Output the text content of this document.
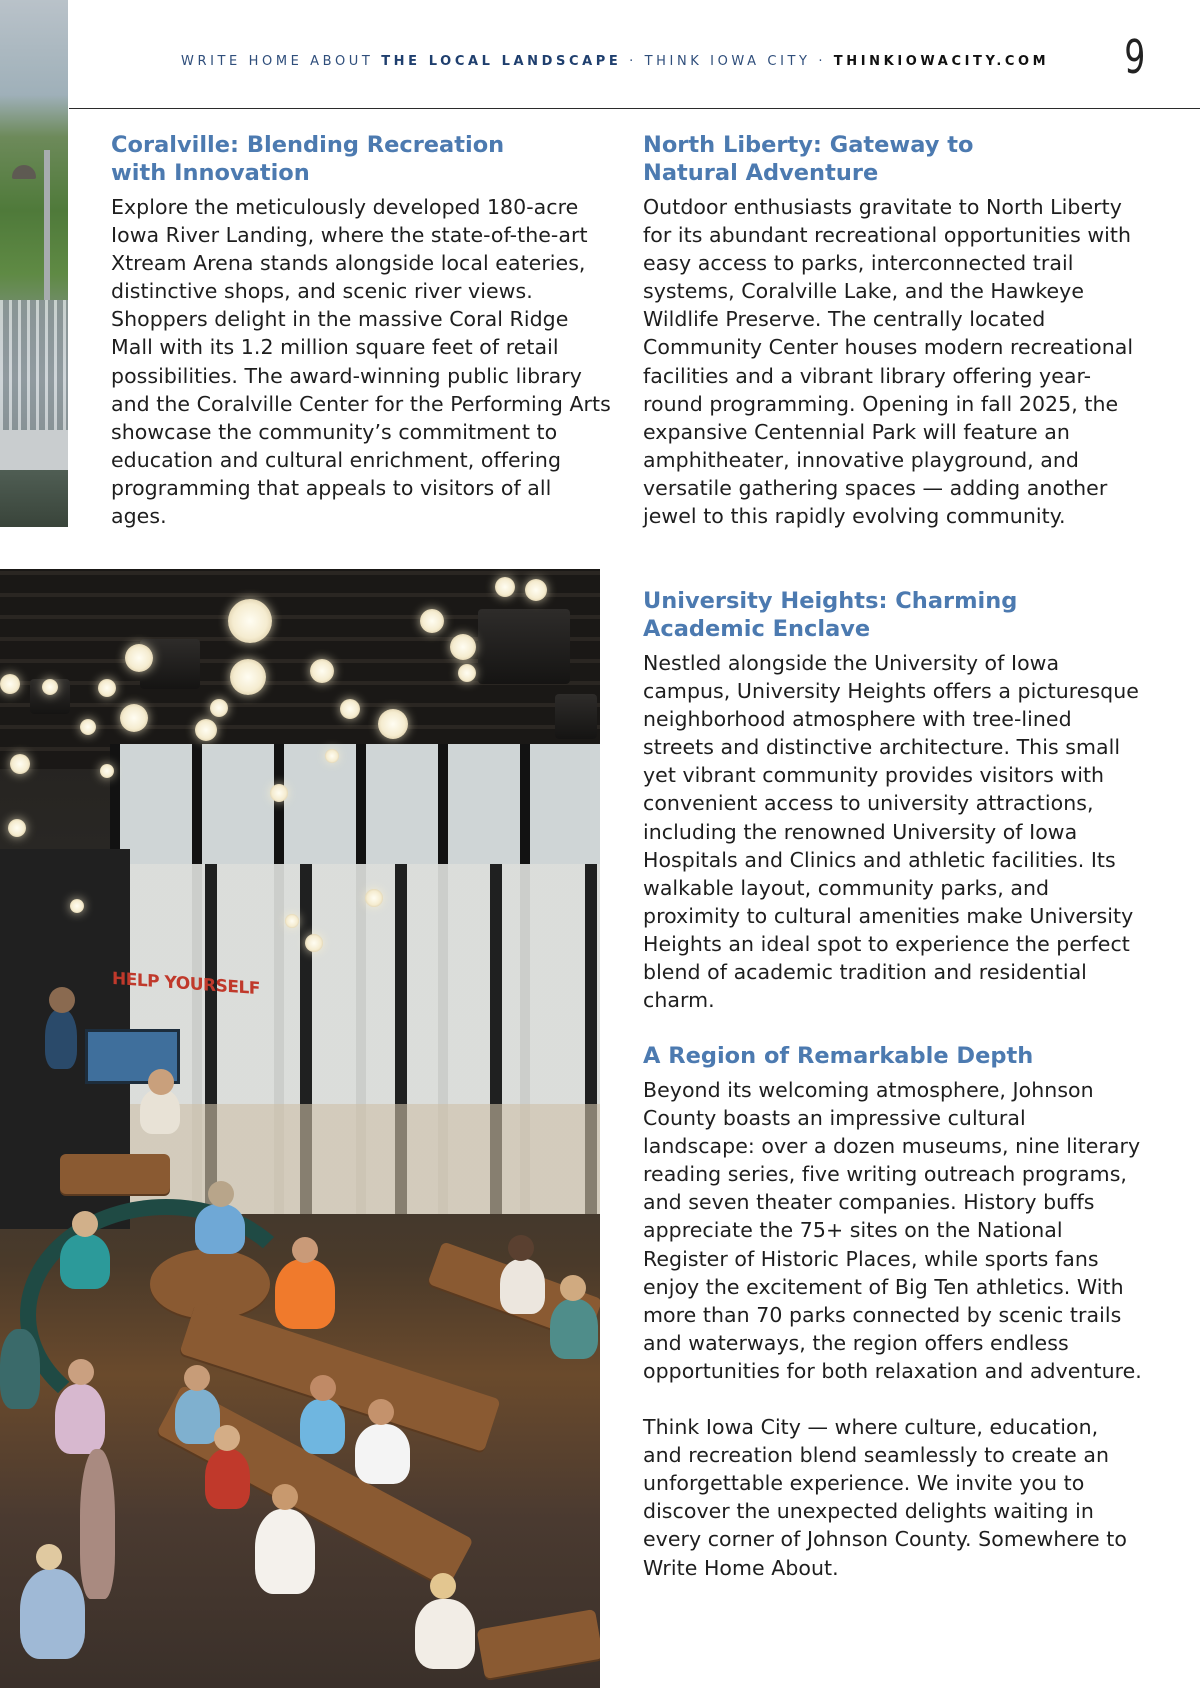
WRITE HOME ABOUT THE LOCAL LANDSCAPE · THINK IOWA CITY · THINKIOWACITY.COM 9
Coralville: Blending Recreation
with Innovation

Explore the meticulously developed 180-acre Iowa River Landing, where the state-of-the-art Xtream Arena stands alongside local eateries, distinctive shops, and scenic river views. Shoppers delight in the massive Coral Ridge Mall with its 1.2 million square feet of retail possibilities. The award-winning public library and the Coralville Center for the Performing Arts showcase the community’s commitment to education and cultural enrichment, offering programming that appeals to visitors of all ages.

North Liberty: Gateway to
Natural Adventure

Outdoor enthusiasts gravitate to North Liberty for its abundant recreational opportunities with easy access to parks, interconnected trail systems, Coralville Lake, and the Hawkeye Wildlife Preserve. The centrally located Community Center houses modern recreational facilities and a vibrant library offering year-round programming. Opening in fall 2025, the expansive Centennial Park will feature an amphitheater, innovative playground, and versatile gathering spaces — adding another jewel to this rapidly evolving community.

University Heights: Charming
Academic Enclave

Nestled alongside the University of Iowa campus, University Heights offers a picturesque neighborhood atmosphere with tree-lined streets and distinctive architecture. This small yet vibrant community provides visitors with convenient access to university attractions, including the renowned University of Iowa Hospitals and Clinics and athletic facilities. Its walkable layout, community parks, and proximity to cultural amenities make University Heights an ideal spot to experience the perfect blend of academic tradition and residential charm.

A Region of Remarkable Depth

Beyond its welcoming atmosphere, Johnson County boasts an impressive cultural landscape: over a dozen museums, nine literary reading series, five writing outreach programs, and seven theater companies. History buffs appreciate the 75+ sites on the National Register of Historic Places, while sports fans enjoy the excitement of Big Ten athletics. With more than 70 parks connected by scenic trails and waterways, the region offers endless opportunities for both relaxation and adventure.

Think Iowa City — where culture, education, and recreation blend seamlessly to create an unforgettable experience. We invite you to discover the unexpected delights waiting in every corner of Johnson County. Somewhere to Write Home About.

HELP YOURSELF
